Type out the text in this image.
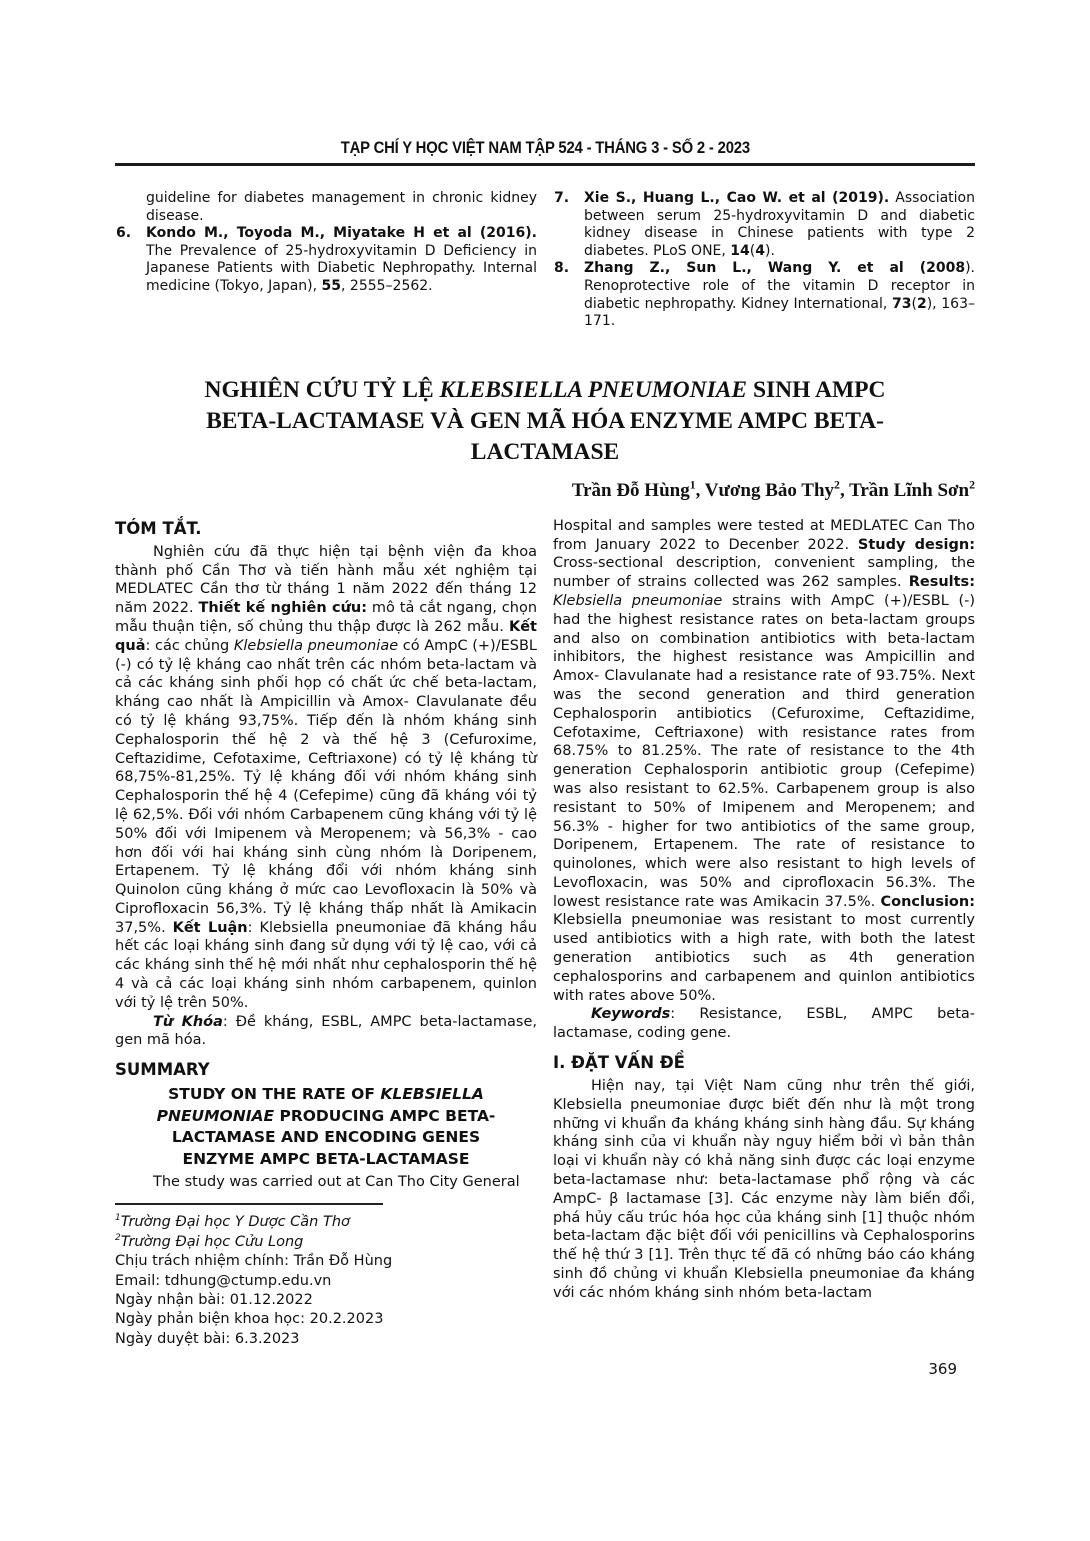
TẠP CHÍ Y HỌC VIỆT NAM TẬP 524 - THÁNG 3 - SỐ 2 - 2023
guideline for diabetes management in chronic kidney disease.
6. Kondo M., Toyoda M., Miyatake H et al (2016). The Prevalence of 25-hydroxyvitamin D Deficiency in Japanese Patients with Diabetic Nephropathy. Internal medicine (Tokyo, Japan), 55, 2555–2562.
7. Xie S., Huang L., Cao W. et al (2019). Association between serum 25-hydroxyvitamin D and diabetic kidney disease in Chinese patients with type 2 diabetes. PLoS ONE, 14(4).
8. Zhang Z., Sun L., Wang Y. et al (2008). Renoprotective role of the vitamin D receptor in diabetic nephropathy. Kidney International, 73(2), 163–171.
NGHIÊN CỨU TỶ LỆ KLEBSIELLA PNEUMONIAE SINH AMPC BETA-LACTAMASE VÀ GEN MÃ HÓA ENZYME AMPC BETA-LACTAMASE
Trần Đỗ Hùng$^1$, Vương Bảo Thy$^2$, Trần Lĩnh Sơn$^2$
TÓM TẮT.
Nghiên cứu đã thực hiện tại bệnh viện đa khoa thành phố Cần Thơ và tiến hành mẫu xét nghiệm tại MEDLATEC Cần thơ từ tháng 1 năm 2022 đến tháng 12 năm 2022. Thiết kế nghiên cứu: mô tả cắt ngang, chọn mẫu thuận tiện, số chủng thu thập được là 262 mẫu. Kết quả: các chủng Klebsiella pneumoniae có AmpC (+)/ESBL (-) có tỷ lệ kháng cao nhất trên các nhóm beta-lactam và cả các kháng sinh phối họp có chất ức chế beta-lactam, kháng cao nhất là Ampicillin và Amox- Clavulanate đều có tỷ lệ kháng 93,75%. Tiếp đến là nhóm kháng sinh Cephalosporin thế hệ 2 và thế hệ 3 (Cefuroxime, Ceftazidime, Cefotaxime, Ceftriaxone) có tỷ lệ kháng từ 68,75%-81,25%. Tỷ lệ kháng đối với nhóm kháng sinh Cephalosporin thế hệ 4 (Cefepime) cũng đã kháng vói tỷ lệ 62,5%. Đối với nhóm Carbapenem cũng kháng với tỷ lệ 50% đối với Imipenem và Meropenem; và 56,3% - cao hơn đối với hai kháng sinh cùng nhóm là Doripenem, Ertapenem. Tỷ lệ kháng đổi với nhóm kháng sinh Quinolon cũng kháng ở mức cao Levofloxacin là 50% và Ciprofloxacin 56,3%. Tỷ lệ kháng thấp nhất là Amikacin 37,5%. Kết Luận: Klebsiella pneumoniae đã kháng hầu hết các loại kháng sinh đang sử dụng với tỷ lệ cao, với cả các kháng sinh thế hệ mới nhất như cephalosporin thế hệ 4 và cả các loại kháng sinh nhóm carbapenem, quinlon với tỷ lệ trên 50%.
Từ Khóa: Đề kháng, ESBL, AMPC beta-lactamase, gen mã hóa.
SUMMARY
STUDY ON THE RATE OF KLEBSIELLA PNEUMONIAE PRODUCING AMPC BETA-LACTAMASE AND ENCODING GENES ENZYME AMPC BETA-LACTAMASE
The study was carried out at Can Tho City General
$^1$Trường Đại học Y Dược Cần Thơ
$^2$Trường Đại học Cửu Long
Chịu trách nhiệm chính: Trần Đỗ Hùng
Email: tdhung@ctump.edu.vn
Ngày nhận bài: 01.12.2022
Ngày phản biện khoa học: 20.2.2023
Ngày duyệt bài: 6.3.2023
Hospital and samples were tested at MEDLATEC Can Tho from January 2022 to Decenber 2022. Study design: Cross-sectional description, convenient sampling, the number of strains collected was 262 samples. Results: Klebsiella pneumoniae strains with AmpC (+)/ESBL (-) had the highest resistance rates on beta-lactam groups and also on combination antibiotics with beta-lactam inhibitors, the highest resistance was Ampicillin and Amox- Clavulanate had a resistance rate of 93.75%. Next was the second generation and third generation Cephalosporin antibiotics (Cefuroxime, Ceftazidime, Cefotaxime, Ceftriaxone) with resistance rates from 68.75% to 81.25%. The rate of resistance to the 4th generation Cephalosporin antibiotic group (Cefepime) was also resistant to 62.5%. Carbapenem group is also resistant to 50% of Imipenem and Meropenem; and 56.3% - higher for two antibiotics of the same group, Doripenem, Ertapenem. The rate of resistance to quinolones, which were also resistant to high levels of Levofloxacin, was 50% and ciprofloxacin 56.3%. The lowest resistance rate was Amikacin 37.5%. Conclusion: Klebsiella pneumoniae was resistant to most currently used antibiotics with a high rate, with both the latest generation antibiotics such as 4th generation cephalosporins and carbapenem and quinlon antibiotics with rates above 50%.
Keywords: Resistance, ESBL, AMPC beta-lactamase, coding gene.
I. ĐẶT VẤN ĐỀ
Hiện nay, tại Việt Nam cũng như trên thế giới, Klebsiella pneumoniae được biết đến như là một trong những vi khuẩn đa kháng kháng sinh hàng đầu. Sự kháng kháng sinh của vi khuẩn này nguy hiểm bởi vì bản thân loại vi khuẩn này có khả năng sinh được các loại enzyme beta-lactamase như: beta-lactamase phổ rộng và các AmpC- β lactamase [3]. Các enzyme này làm biến đổi, phá hủy cấu trúc hóa học của kháng sinh [1] thuộc nhóm beta-lactam đặc biệt đối với penicillins và Cephalosporins thế hệ thứ 3 [1]. Trên thực tế đã có những báo cáo kháng sinh đồ chủng vi khuẩn Klebsiella pneumoniae đa kháng với các nhóm kháng sinh nhóm beta-lactam
369
